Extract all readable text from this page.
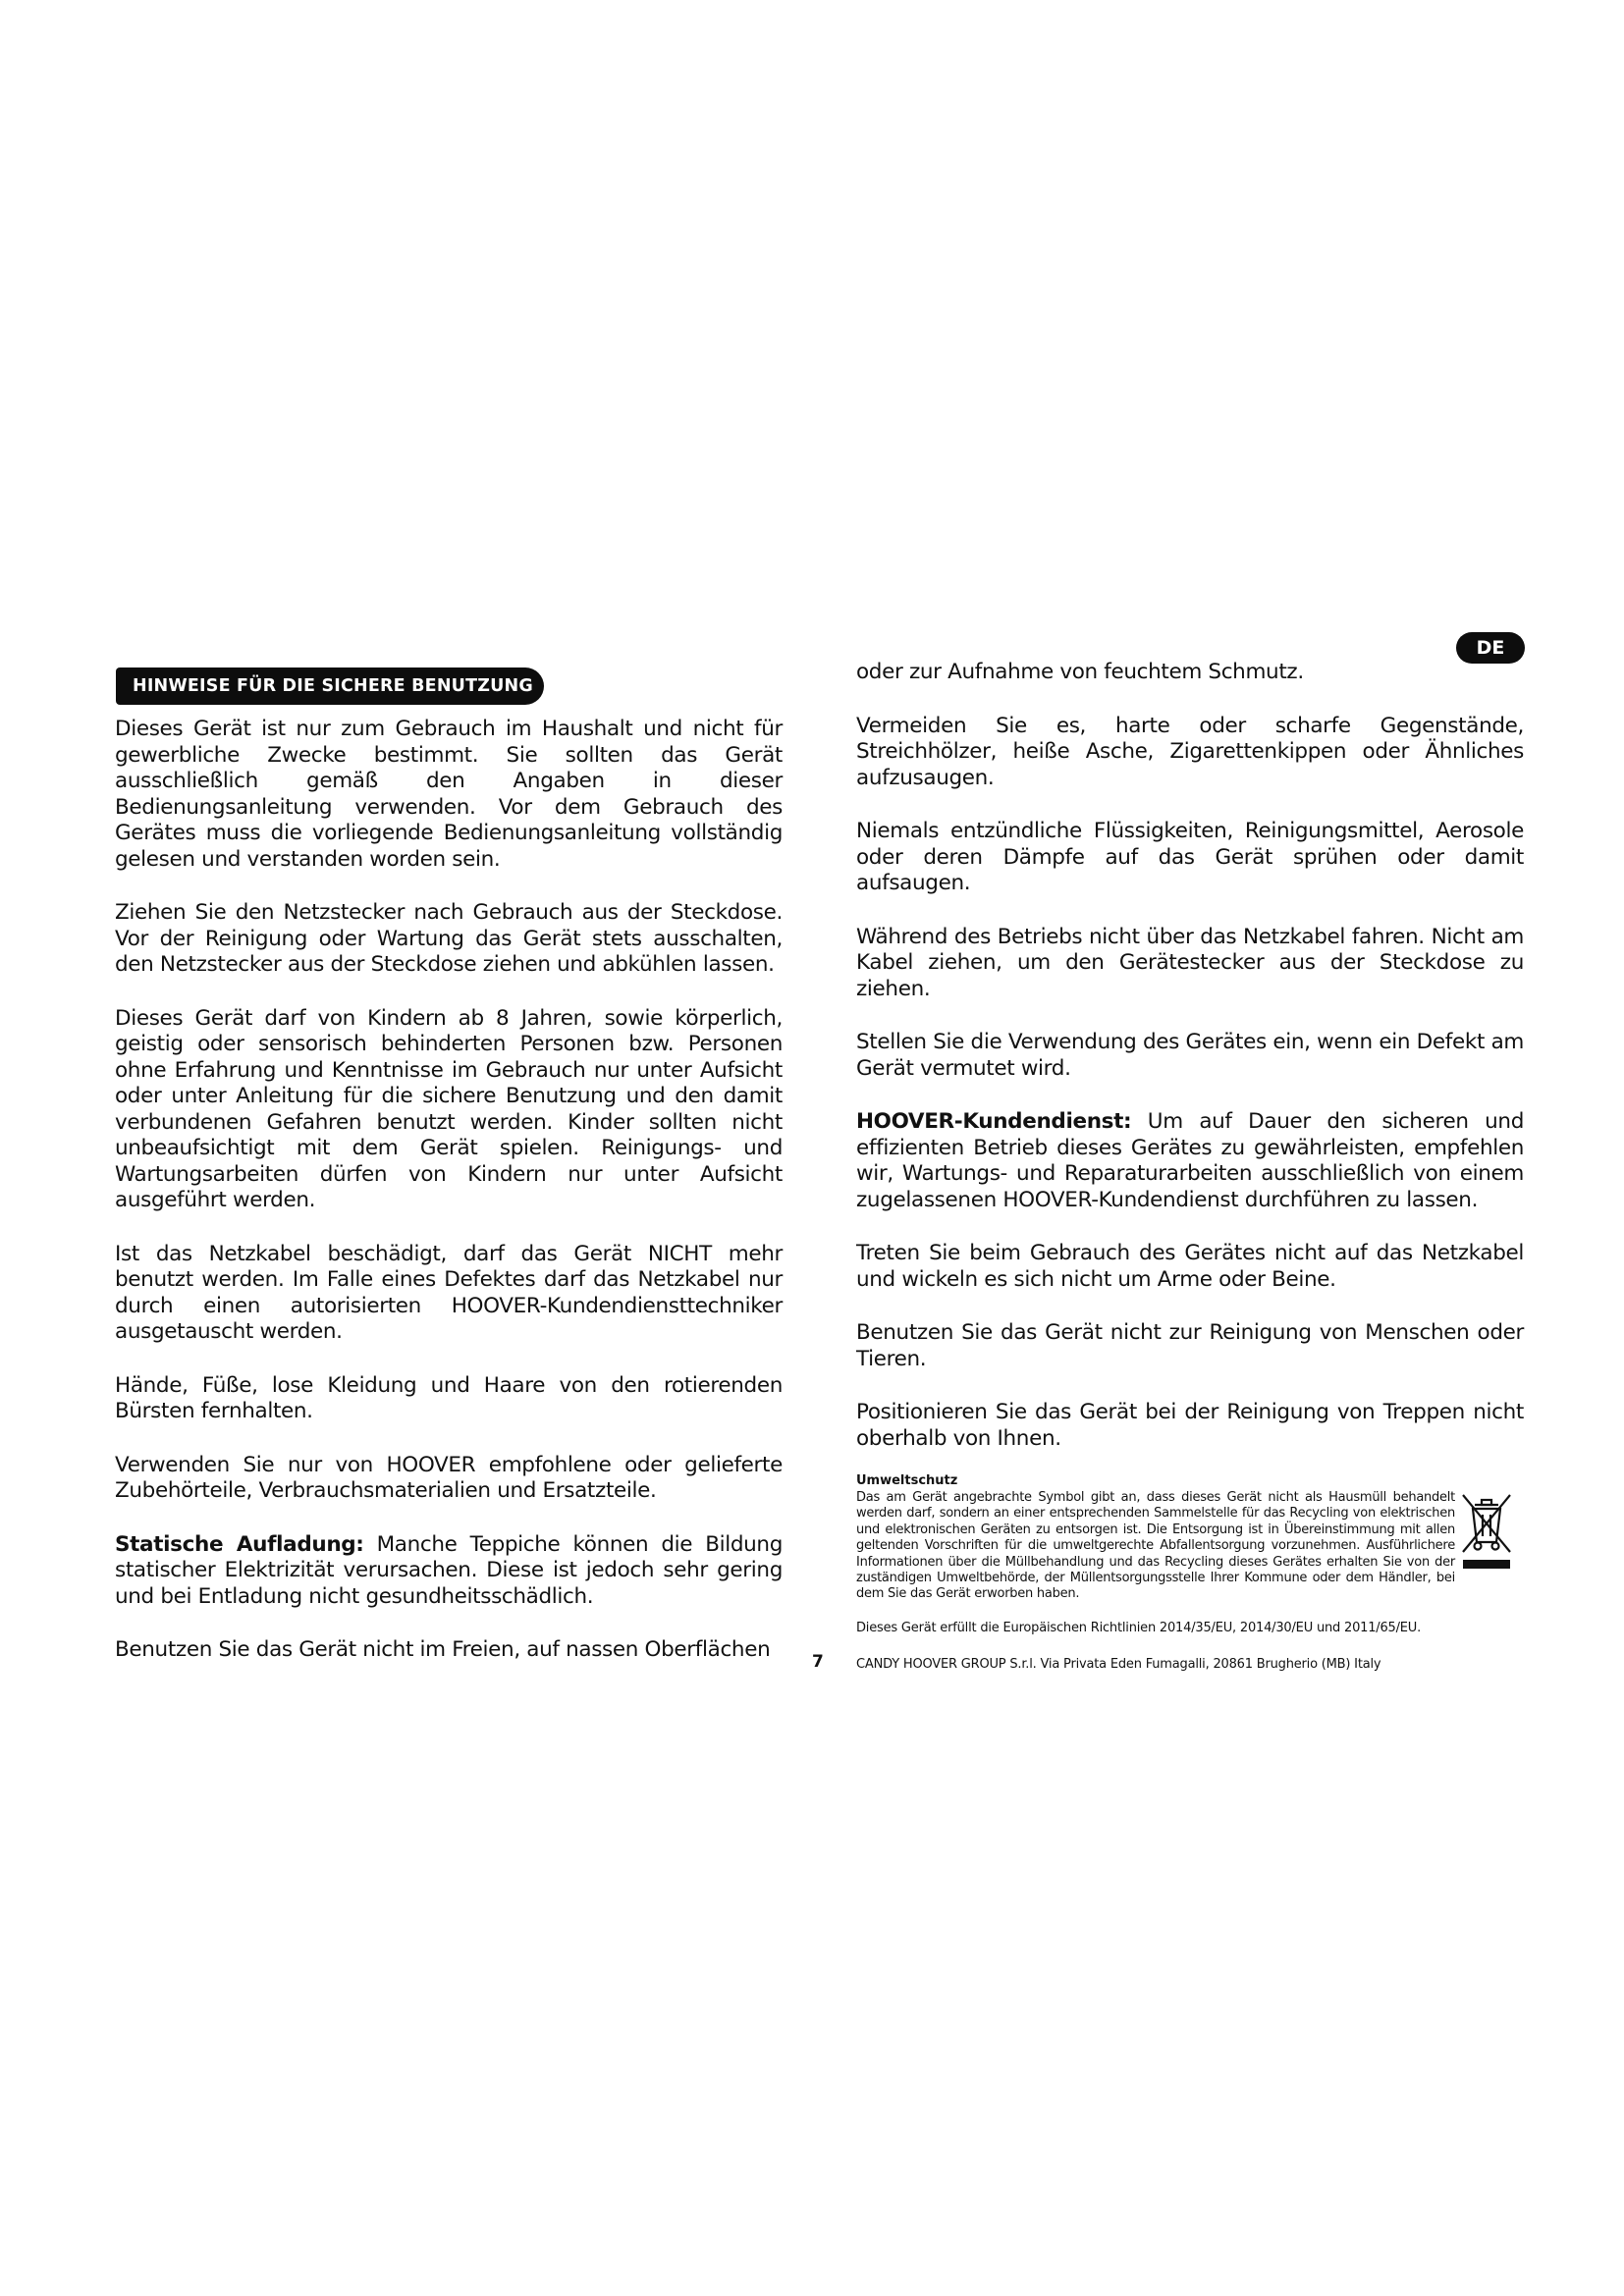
HINWEISE FÜR DIE SICHERE BENUTZUNG
DE

Dieses Gerät ist nur zum Gebrauch im Haushalt und nicht für gewerbliche Zwecke bestimmt. Sie sollten das Gerät ausschließlich gemäß den Angaben in dieser Bedienungsanleitung verwenden. Vor dem Gebrauch des Gerätes muss die vorliegende Bedienungsanleitung vollständig gelesen und verstanden worden sein.

Ziehen Sie den Netzstecker nach Gebrauch aus der Steckdose. Vor der Reinigung oder Wartung das Gerät stets ausschalten, den Netzstecker aus der Steckdose ziehen und abkühlen lassen.

Dieses Gerät darf von Kindern ab 8 Jahren, sowie körperlich, geistig oder sensorisch behinderten Personen bzw. Personen ohne Erfahrung und Kenntnisse im Gebrauch nur unter Aufsicht oder unter Anleitung für die sichere Benutzung und den damit verbundenen Gefahren benutzt werden. Kinder sollten nicht unbeaufsichtigt mit dem Gerät spielen. Reinigungs- und Wartungsarbeiten dürfen von Kindern nur unter Aufsicht ausgeführt werden.

Ist das Netzkabel beschädigt, darf das Gerät NICHT mehr benutzt werden. Im Falle eines Defektes darf das Netzkabel nur durch einen autorisierten HOOVER-Kundendiensttechniker ausgetauscht werden.

Hände, Füße, lose Kleidung und Haare von den rotierenden Bürsten fernhalten.

Verwenden Sie nur von HOOVER empfohlene oder gelieferte Zubehörteile, Verbrauchsmaterialien und Ersatzteile.

Statische Aufladung: Manche Teppiche können die Bildung statischer Elektrizität verursachen. Diese ist jedoch sehr gering und bei Entladung nicht gesundheitsschädlich.

Benutzen Sie das Gerät nicht im Freien, auf nassen Oberflächen

oder zur Aufnahme von feuchtem Schmutz.

Vermeiden Sie es, harte oder scharfe Gegenstände, Streichhölzer, heiße Asche, Zigarettenkippen oder Ähnliches aufzusaugen.

Niemals entzündliche Flüssigkeiten, Reinigungsmittel, Aerosole oder deren Dämpfe auf das Gerät sprühen oder damit aufsaugen.

Während des Betriebs nicht über das Netzkabel fahren. Nicht am Kabel ziehen, um den Gerätestecker aus der Steckdose zu ziehen.

Stellen Sie die Verwendung des Gerätes ein, wenn ein Defekt am Gerät vermutet wird.

HOOVER-Kundendienst: Um auf Dauer den sicheren und effizienten Betrieb dieses Gerätes zu gewährleisten, empfehlen wir, Wartungs- und Reparaturarbeiten ausschließlich von einem zugelassenen HOOVER-Kundendienst durchführen zu lassen.

Treten Sie beim Gebrauch des Gerätes nicht auf das Netzkabel und wickeln es sich nicht um Arme oder Beine.

Benutzen Sie das Gerät nicht zur Reinigung von Menschen oder Tieren.

Positionieren Sie das Gerät bei der Reinigung von Treppen nicht oberhalb von Ihnen.

Umweltschutz

Das am Gerät angebrachte Symbol gibt an, dass dieses Gerät nicht als Hausmüll behandelt werden darf, sondern an einer entsprechenden Sammelstelle für das Recycling von elektrischen und elektronischen Geräten zu entsorgen ist. Die Entsorgung ist in Übereinstimmung mit allen geltenden Vorschriften für die umweltgerechte Abfallentsorgung vorzunehmen. Ausführlichere Informationen über die Müllbehandlung und das Recycling dieses Gerätes erhalten Sie von der zuständigen Umweltbehörde, der Müllentsorgungsstelle Ihrer Kommune oder dem Händler, bei dem Sie das Gerät erworben haben.

Dieses Gerät erfüllt die Europäischen Richtlinien 2014/35/EU, 2014/30/EU und 2011/65/EU.

CANDY HOOVER GROUP S.r.l. Via Privata Eden Fumagalli, 20861 Brugherio (MB) Italy

7
